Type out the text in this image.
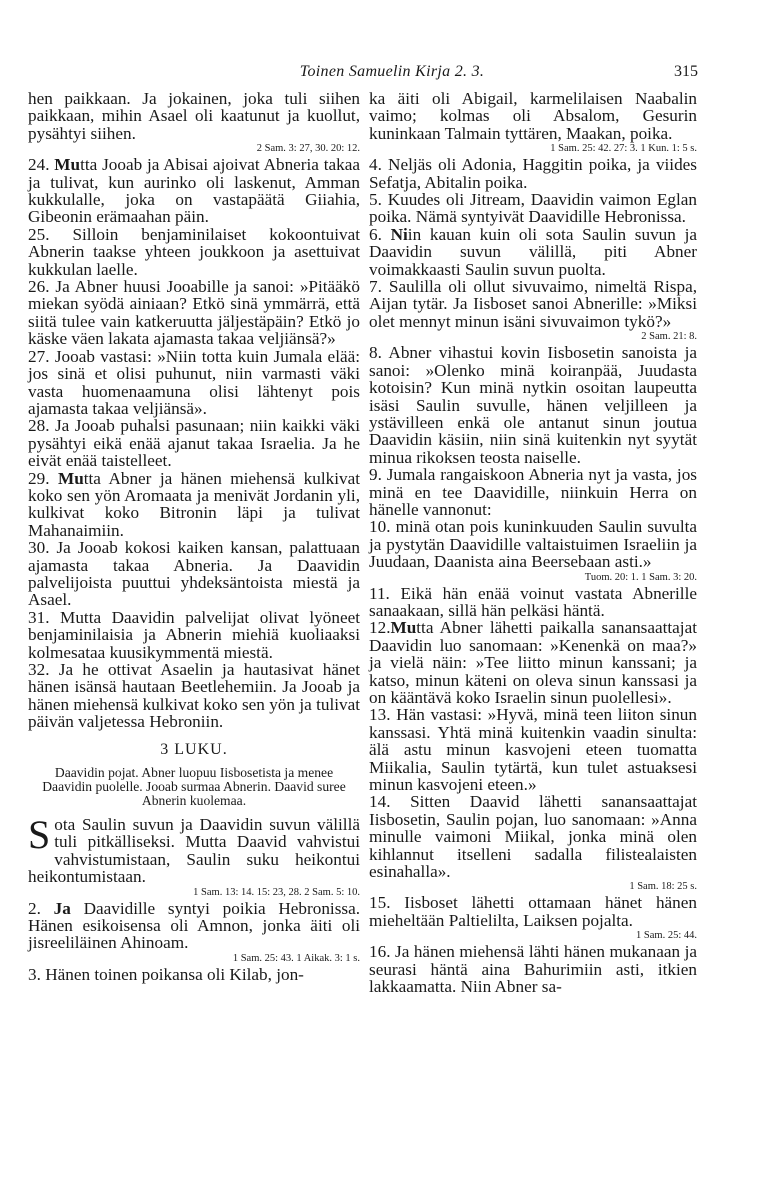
Toinen Samuelin Kirja 2. 3.	315

hen paikkaan. Ja jokainen, joka tuli siihen paikkaan, mihin Asael oli kaatunut ja kuollut, pysähtyi siihen.

2 Sam. 3: 27, 30. 20: 12.

24. Mutta Jooab ja Abisai ajoivat Abneria takaa ja tulivat, kun aurinko oli laskenut, Amman kukkulalle, joka on vastapäätä Giiahia, Gibeonin erämaahan päin.

25. Silloin benjaminilaiset kokoontuivat Abnerin taakse yhteen joukkoon ja asettuivat kukkulan laelle.

26. Ja Abner huusi Jooabille ja sanoi: »Pitääkö miekan syödä ainiaan? Etkö sinä ymmärrä, että siitä tulee vain katkeruutta jäljestäpäin? Etkö jo käske väen lakata ajamasta takaa veljiänsä?»

27. Jooab vastasi: »Niin totta kuin Jumala elää: jos sinä et olisi puhunut, niin varmasti väki vasta huomenaamuna olisi lähtenyt pois ajamasta takaa veljiänsä».

28. Ja Jooab puhalsi pasunaan; niin kaikki väki pysähtyi eikä enää ajanut takaa Israelia. Ja he eivät enää taistelleet.

29. Mutta Abner ja hänen miehensä kulkivat koko sen yön Aromaata ja menivät Jordanin yli, kulkivat koko Bitronin läpi ja tulivat Mahanaimiin.

30. Ja Jooab kokosi kaiken kansan, palattuaan ajamasta takaa Abneria. Ja Daavidin palvelijoista puuttui yhdeksäntoista miestä ja Asael.

31. Mutta Daavidin palvelijat olivat lyöneet benjaminilaisia ja Abnerin miehiä kuoliaaksi kolmesataa kuusikymmentä miestä.

32. Ja he ottivat Asaelin ja hautasivat hänet hänen isänsä hautaan Beetlehemiin. Ja Jooab ja hänen miehensä kulkivat koko sen yön ja tulivat päivän valjetessa Hebroniin.

3 LUKU.

Daavidin pojat. Abner luopuu Iisbosetista ja menee Daavidin puolelle. Jooab surmaa Abnerin. Daavid suree Abnerin kuolemaa.

Sota Saulin suvun ja Daavidin suvun välillä tuli pitkälliseksi. Mutta Daavid vahvistui vahvistumistaan, Saulin suku heikontui heikontumistaan.

1 Sam. 13: 14. 15: 23, 28. 2 Sam. 5: 10.

2. Ja Daavidille syntyi poikia Hebronissa. Hänen esikoisensa oli Amnon, jonka äiti oli jisreeliläinen Ahinoam.

1 Sam. 25: 43. 1 Aikak. 3: 1 s.

3. Hänen toinen poikansa oli Kilab, jon-

ka äiti oli Abigail, karmelilaisen Naabalin vaimo; kolmas oli Absalom, Gesurin kuninkaan Talmain tyttären, Maakan, poika.

1 Sam. 25: 42. 27: 3. 1 Kun. 1: 5 s.

4. Neljäs oli Adonia, Haggitin poika, ja viides Sefatja, Abitalin poika.

5. Kuudes oli Jitream, Daavidin vaimon Eglan poika. Nämä syntyivät Daavidille Hebronissa.

6. Niin kauan kuin oli sota Saulin suvun ja Daavidin suvun välillä, piti Abner voimakkaasti Saulin suvun puolta.

7. Saulilla oli ollut sivuvaimo, nimeltä Rispa, Aijan tytär. Ja Iisboset sanoi Abnerille: »Miksi olet mennyt minun isäni sivuvaimon tykö?»

2 Sam. 21: 8.

8. Abner vihastui kovin Iisbosetin sanoista ja sanoi: »Olenko minä koiranpää, Juudasta kotoisin? Kun minä nytkin osoitan laupeutta isäsi Saulin suvulle, hänen veljilleen ja ystävilleen enkä ole antanut sinun joutua Daavidin käsiin, niin sinä kuitenkin nyt syytät minua rikoksen teosta naiselle.

9. Jumala rangaiskoon Abneria nyt ja vasta, jos minä en tee Daavidille, niinkuin Herra on hänelle vannonut:

10. minä otan pois kuninkuuden Saulin suvulta ja pystytän Daavidille valtaistuimen Israeliin ja Juudaan, Daanista aina Beersebaan asti.»

Tuom. 20: 1. 1 Sam. 3: 20.

11. Eikä hän enää voinut vastata Abnerille sanaakaan, sillä hän pelkäsi häntä.

12.Mutta Abner lähetti paikalla sanansaattajat Daavidin luo sanomaan: »Kenenkä on maa?» ja vielä näin: »Tee liitto minun kanssani; ja katso, minun käteni on oleva sinun kanssasi ja on kääntävä koko Israelin sinun puolellesi».

13. Hän vastasi: »Hyvä, minä teen liiton sinun kanssasi. Yhtä minä kuitenkin vaadin sinulta: älä astu minun kasvojeni eteen tuomatta Miikalia, Saulin tytärtä, kun tulet astuaksesi minun kasvojeni eteen.»

14. Sitten Daavid lähetti sanansaattajat Iisbosetin, Saulin pojan, luo sanomaan: »Anna minulle vaimoni Miikal, jonka minä olen kihlannut itselleni sadalla filistealaisten esinahalla».

1 Sam. 18: 25 s.

15. Iisboset lähetti ottamaan hänet hänen mieheltään Paltielilta, Laiksen pojalta.

1 Sam. 25: 44.

16. Ja hänen miehensä lähti hänen mukanaan ja seurasi häntä aina Bahurimiin asti, itkien lakkaamatta. Niin Abner sa-
